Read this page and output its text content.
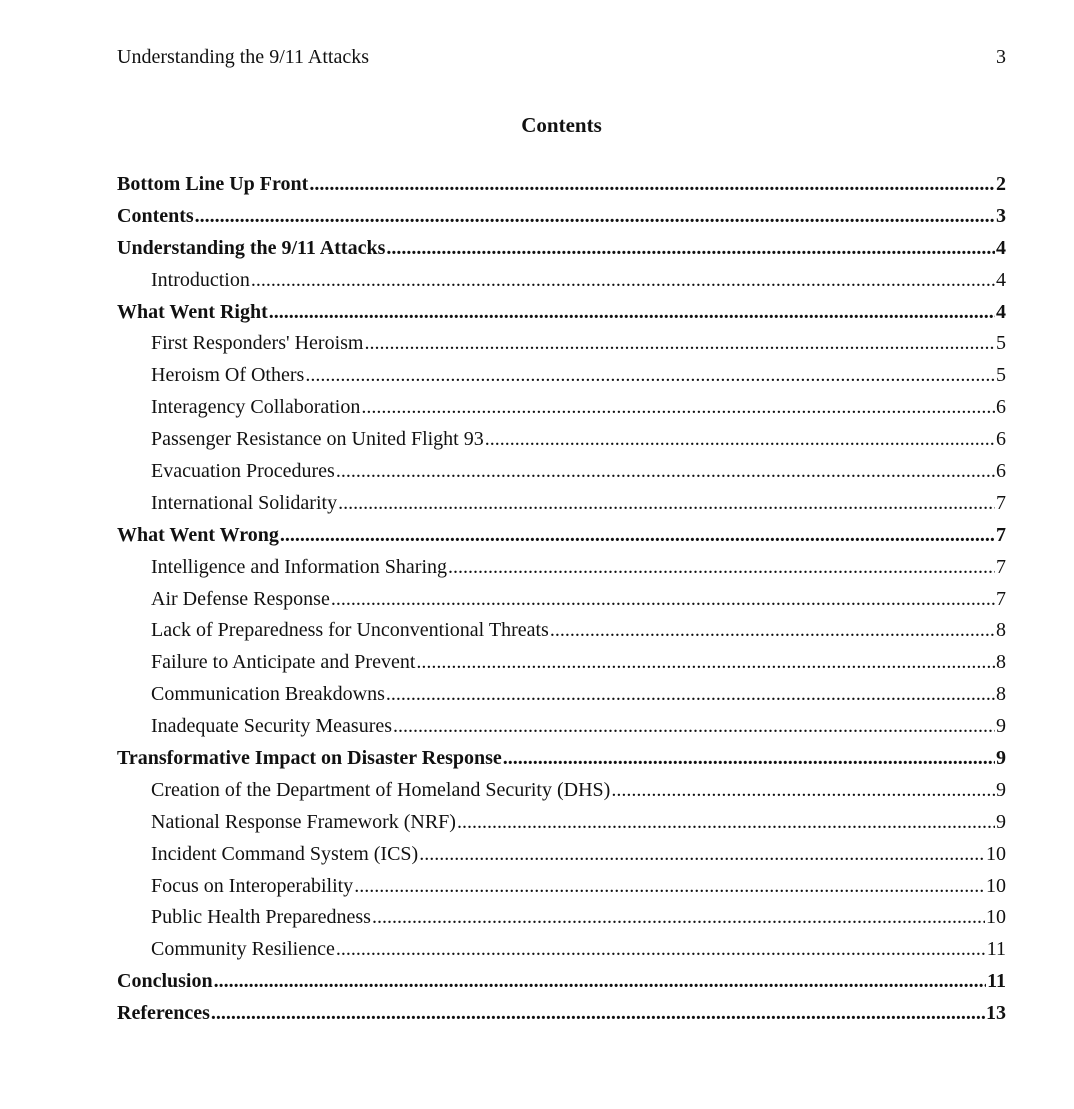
Understanding the 9/11 Attacks	3
Contents
Bottom Line Up Front .....	2
Contents .....	3
Understanding the 9/11 Attacks .....	4
Introduction .....	4
What Went Right .....	4
First Responders' Heroism .....	5
Heroism Of Others .....	5
Interagency Collaboration .....	6
Passenger Resistance on United Flight 93 .....	6
Evacuation Procedures .....	6
International Solidarity .....	7
What Went Wrong .....	7
Intelligence and Information Sharing .....	7
Air Defense Response .....	7
Lack of Preparedness for Unconventional Threats .....	8
Failure to Anticipate and Prevent .....	8
Communication Breakdowns .....	8
Inadequate Security Measures .....	9
Transformative Impact on Disaster Response .....	9
Creation of the Department of Homeland Security (DHS) .....	9
National Response Framework (NRF) .....	9
Incident Command System (ICS) .....	10
Focus on Interoperability .....	10
Public Health Preparedness .....	10
Community Resilience .....	11
Conclusion .....	11
References .....	13
